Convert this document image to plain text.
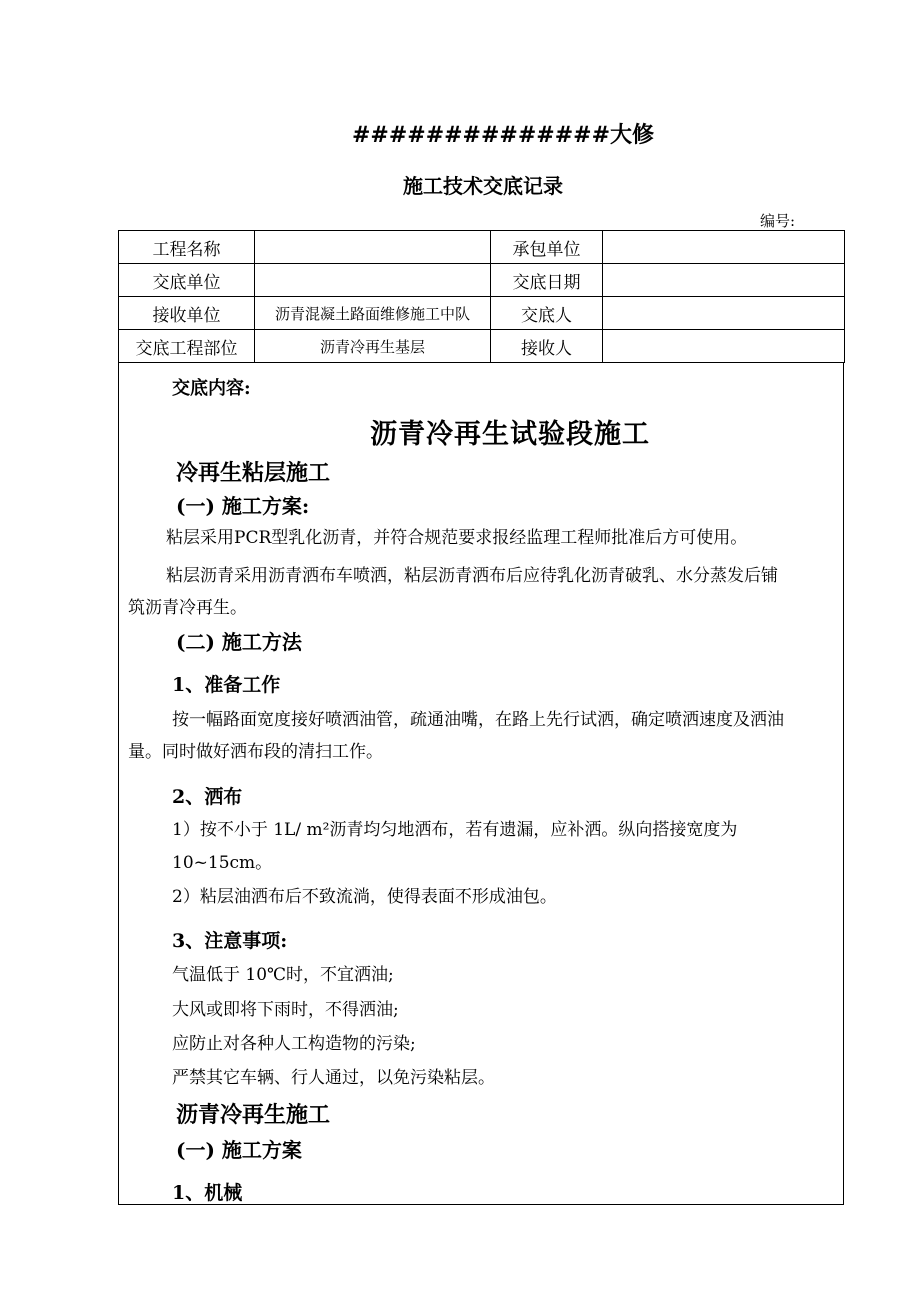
##############大修
施工技术交底记录
编号:
工程名称		承包单位	
交底单位		交底日期	
接收单位	沥青混凝土路面维修施工中队	交底人	
交底工程部位	沥青冷再生基层	接收人	
交底内容:
沥青冷再生试验段施工
冷再生粘层施工
(一) 施工方案:
粘层采用PCR型乳化沥青，并符合规范要求报经监理工程师批准后方可使用。
粘层沥青采用沥青洒布车喷洒，粘层沥青洒布后应待乳化沥青破乳、水分蒸发后铺
筑沥青冷再生。
(二) 施工方法
1、准备工作
按一幅路面宽度接好喷洒油管，疏通油嘴，在路上先行试洒，确定喷洒速度及洒油
量。同时做好洒布段的清扫工作。
2、洒布
1）按不小于 1L/ m²沥青均匀地洒布，若有遗漏，应补洒。纵向搭接宽度为
10~15cm。
2）粘层油洒布后不致流淌，使得表面不形成油包。
3、注意事项:
气温低于 10℃时，不宜洒油;
大风或即将下雨时，不得洒油;
应防止对各种人工构造物的污染;
严禁其它车辆、行人通过，以免污染粘层。
沥青冷再生施工
(一) 施工方案
1、机械
